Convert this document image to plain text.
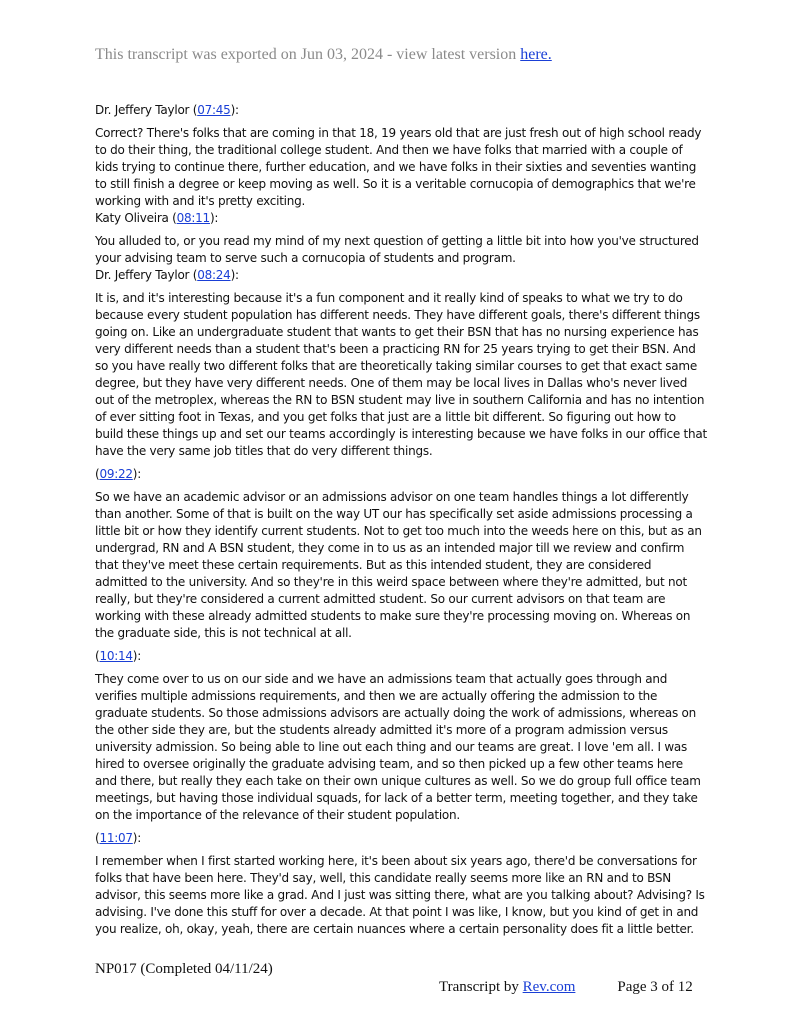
This transcript was exported on Jun 03, 2024 - view latest version here.
Dr. Jeffery Taylor (07:45):

Correct? There's folks that are coming in that 18, 19 years old that are just fresh out of high school ready to do their thing, the traditional college student. And then we have folks that married with a couple of kids trying to continue there, further education, and we have folks in their sixties and seventies wanting to still finish a degree or keep moving as well. So it is a veritable cornucopia of demographics that we're working with and it's pretty exciting.

Katy Oliveira (08:11):

You alluded to, or you read my mind of my next question of getting a little bit into how you've structured your advising team to serve such a cornucopia of students and program.

Dr. Jeffery Taylor (08:24):

It is, and it's interesting because it's a fun component and it really kind of speaks to what we try to do because every student population has different needs. They have different goals, there's different things going on. Like an undergraduate student that wants to get their BSN that has no nursing experience has very different needs than a student that's been a practicing RN for 25 years trying to get their BSN. And so you have really two different folks that are theoretically taking similar courses to get that exact same degree, but they have very different needs. One of them may be local lives in Dallas who's never lived out of the metroplex, whereas the RN to BSN student may live in southern California and has no intention of ever sitting foot in Texas, and you get folks that just are a little bit different. So figuring out how to build these things up and set our teams accordingly is interesting because we have folks in our office that have the very same job titles that do very different things.

(09:22):

So we have an academic advisor or an admissions advisor on one team handles things a lot differently than another. Some of that is built on the way UT our has specifically set aside admissions processing a little bit or how they identify current students. Not to get too much into the weeds here on this, but as an undergrad, RN and A BSN student, they come in to us as an intended major till we review and confirm that they've meet these certain requirements. But as this intended student, they are considered admitted to the university. And so they're in this weird space between where they're admitted, but not really, but they're considered a current admitted student. So our current advisors on that team are working with these already admitted students to make sure they're processing moving on. Whereas on the graduate side, this is not technical at all.

(10:14):

They come over to us on our side and we have an admissions team that actually goes through and verifies multiple admissions requirements, and then we are actually offering the admission to the graduate students. So those admissions advisors are actually doing the work of admissions, whereas on the other side they are, but the students already admitted it's more of a program admission versus university admission. So being able to line out each thing and our teams are great. I love 'em all. I was hired to oversee originally the graduate advising team, and so then picked up a few other teams here and there, but really they each take on their own unique cultures as well. So we do group full office team meetings, but having those individual squads, for lack of a better term, meeting together, and they take on the importance of the relevance of their student population.

(11:07):

I remember when I first started working here, it's been about six years ago, there'd be conversations for folks that have been here. They'd say, well, this candidate really seems more like an RN and to BSN advisor, this seems more like a grad. And I just was sitting there, what are you talking about? Advising? Is advising. I've done this stuff for over a decade. At that point I was like, I know, but you kind of get in and you realize, oh, okay, yeah, there are certain nuances where a certain personality does fit a little better.

NP017 (Completed 04/11/24)
Transcript by Rev.com	Page 3 of 12
